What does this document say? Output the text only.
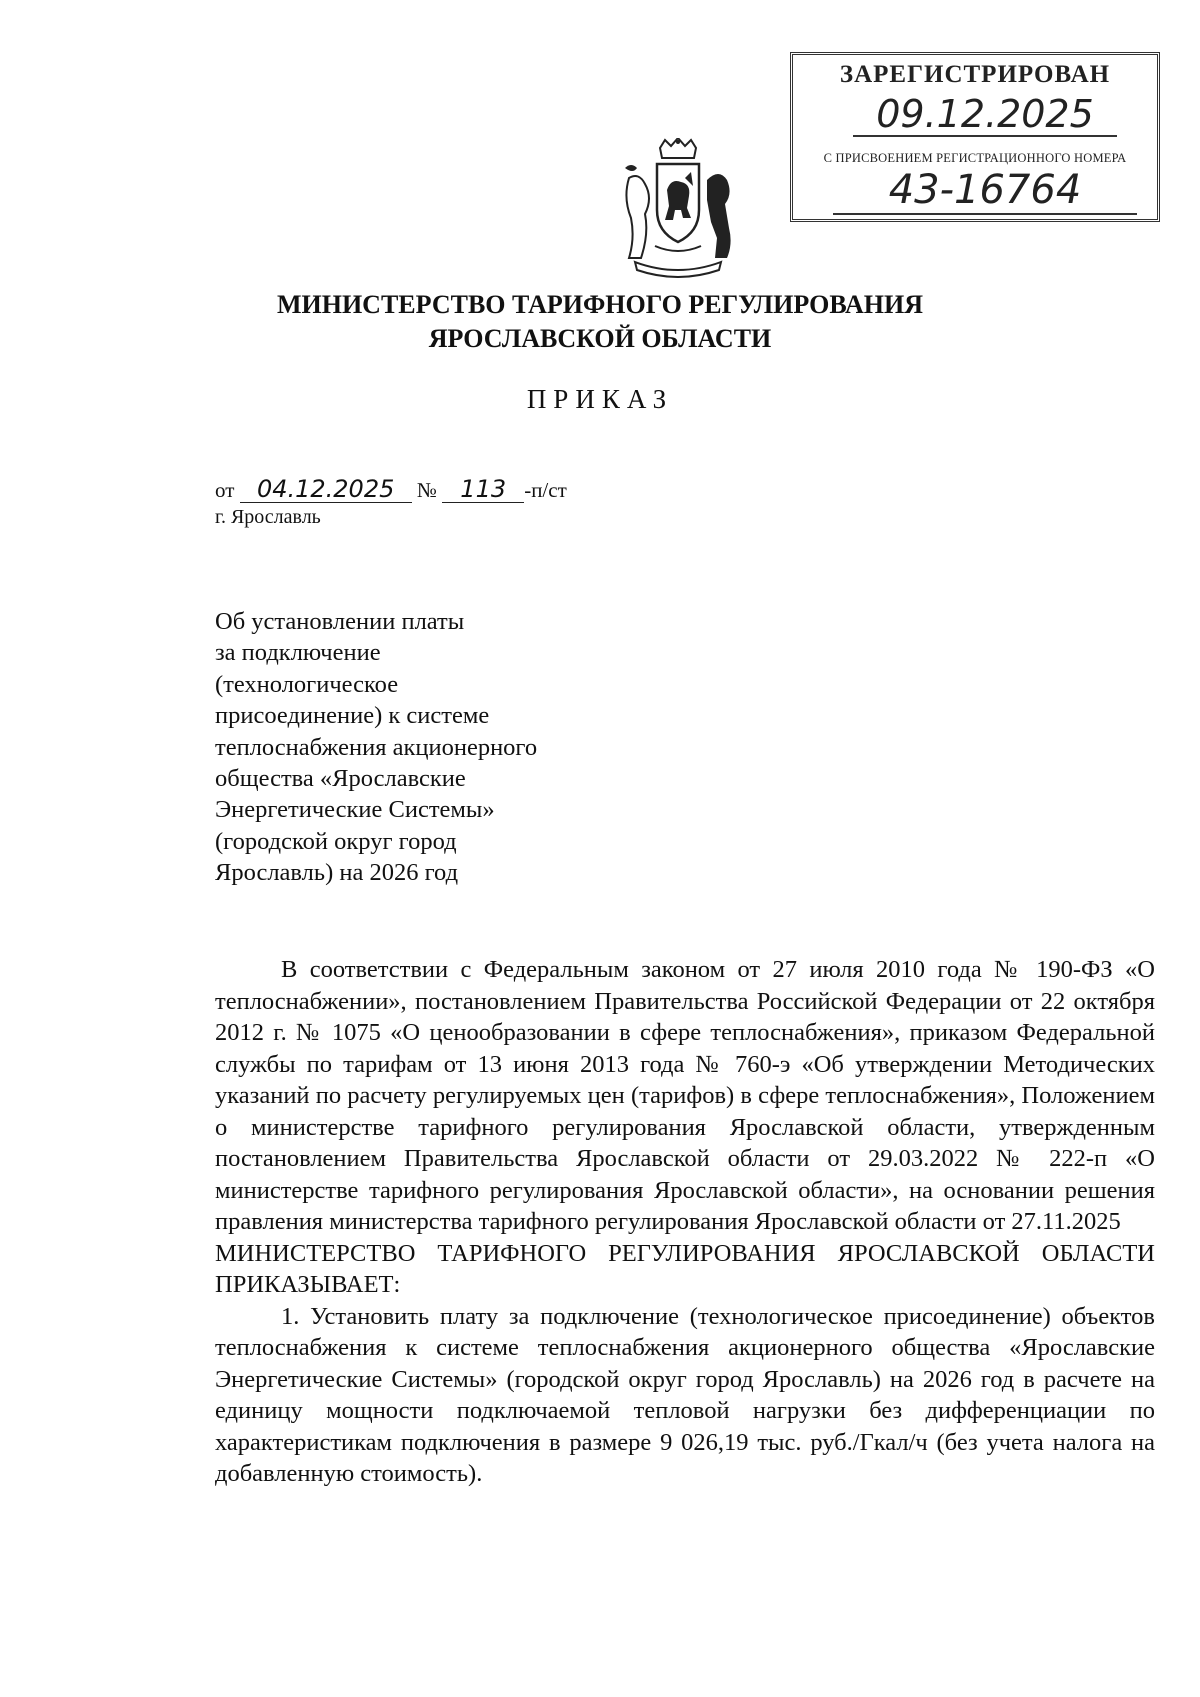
ЗАРЕГИСТРИРОВАН
09.12.2025
С ПРИСВОЕНИЕМ РЕГИСТРАЦИОННОГО НОМЕРА
43-16764
МИНИСТЕРСТВО ТАРИФНОГО РЕГУЛИРОВАНИЯ
ЯРОСЛАВСКОЙ ОБЛАСТИ
ПРИКАЗ
от 04.12.2025 № 113 -п/ст
г. Ярославль
Об установлении платы
за подключение
(технологическое
присоединение) к системе
теплоснабжения акционерного
общества «Ярославские
Энергетические Системы»
(городской округ город
Ярославль) на 2026 год

В соответствии с Федеральным законом от 27 июля 2010 года № 190-ФЗ «О теплоснабжении», постановлением Правительства Российской Федерации от 22 октября 2012 г. № 1075 «О ценообразовании в сфере теплоснабжения», приказом Федеральной службы по тарифам от 13 июня 2013 года № 760-э «Об утверждении Методических указаний по расчету регулируемых цен (тарифов) в сфере теплоснабжения», Положением о министерстве тарифного регулирования Ярославской области, утвержденным постановлением Правительства Ярославской области от 29.03.2022 № 222-п «О министерстве тарифного регулирования Ярославской области», на основании решения правления министерства тарифного регулирования Ярославской области от 27.11.2025

МИНИСТЕРСТВО ТАРИФНОГО РЕГУЛИРОВАНИЯ ЯРОСЛАВСКОЙ ОБЛАСТИ ПРИКАЗЫВАЕТ:

1. Установить плату за подключение (технологическое присоединение) объектов теплоснабжения к системе теплоснабжения акционерного общества «Ярославские Энергетические Системы» (городской округ город Ярославль) на 2026 год в расчете на единицу мощности подключаемой тепловой нагрузки без дифференциации по характеристикам подключения в размере 9 026,19 тыс. руб./Гкал/ч (без учета налога на добавленную стоимость).
